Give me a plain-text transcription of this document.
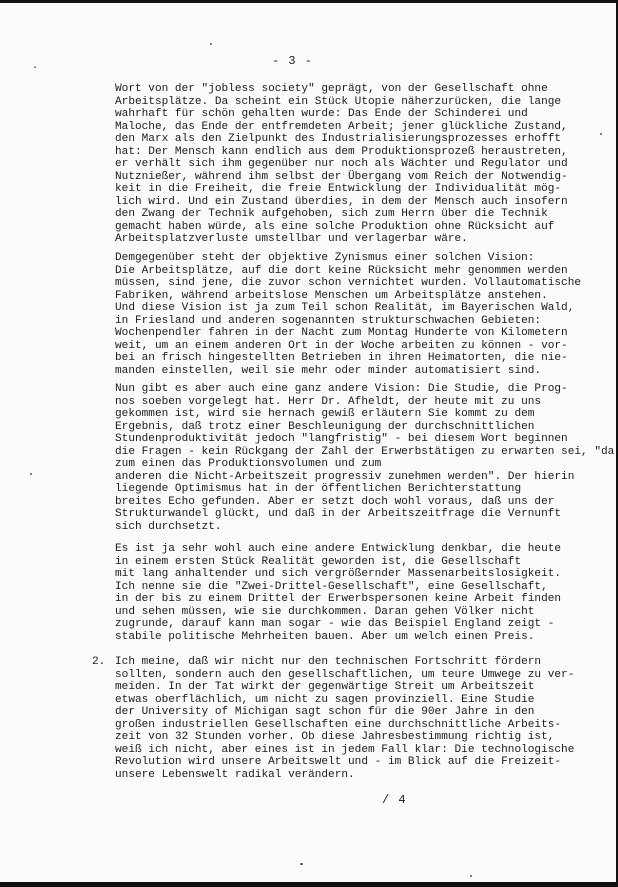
·
- 3 -

Wort von der "jobless society" geprägt, von der Gesellschaft ohne
Arbeitsplätze. Da scheint ein Stück Utopie näherzurücken, die lange
wahrhaft für schön gehalten wurde: Das Ende der Schinderei und
Maloche, das Ende der entfremdeten Arbeit; jener glückliche Zustand,
den Marx als den Zielpunkt des Industrialisierungsprozesses erhofft
hat: Der Mensch kann endlich aus dem Produktionsprozeß heraustreten,
er verhält sich ihm gegenüber nur noch als Wächter und Regulator und
Nutznießer, während ihm selbst der Übergang vom Reich der Notwendig-
keit in die Freiheit, die freie Entwicklung der Individualität mög-
lich wird. Und ein Zustand überdies, in dem der Mensch auch insofern
den Zwang der Technik aufgehoben, sich zum Herrn über die Technik
gemacht haben würde, als eine solche Produktion ohne Rücksicht auf
Arbeitsplatzverluste umstellbar und verlagerbar wäre.

Demgegenüber steht der objektive Zynismus einer solchen Vision:
Die Arbeitsplätze, auf die dort keine Rücksicht mehr genommen werden
müssen, sind jene, die zuvor schon vernichtet wurden. Vollautomatische
Fabriken, während arbeitslose Menschen um Arbeitsplätze anstehen.
Und diese Vision ist ja zum Teil schon Realität, im Bayerischen Wald,
in Friesland und anderen sogenannten strukturschwachen Gebieten:
Wochenpendler fahren in der Nacht zum Montag Hunderte von Kilometern
weit, um an einem anderen Ort in der Woche arbeiten zu können - vor-
bei an frisch hingestellten Betrieben in ihren Heimatorten, die nie-
manden einstellen, weil sie mehr oder minder automatisiert sind.

Nun gibt es aber auch eine ganz andere Vision: Die Studie, die Prog-
nos soeben vorgelegt hat. Herr Dr. Afheldt, der heute mit zu uns
gekommen ist, wird sie hernach gewiß erläutern Sie kommt zu dem
Ergebnis, daß trotz einer Beschleunigung der durchschnittlichen
Stundenproduktivität jedoch "langfristig" - bei diesem Wort beginnen
die Fragen - kein Rückgang der Zahl der Erwerbstätigen zu erwarten sei, "da
zum einen das Produktionsvolumen und zum
anderen die Nicht-Arbeitszeit progressiv zunehmen werden". Der hierin
liegende Optimismus hat in der öffentlichen Berichterstattung
breites Echo gefunden. Aber er setzt doch wohl voraus, daß uns der
Strukturwandel glückt, und daß in der Arbeitszeitfrage die Vernunft
sich durchsetzt.

Es ist ja sehr wohl auch eine andere Entwicklung denkbar, die heute
in einem ersten Stück Realität geworden ist, die Gesellschaft
mit lang anhaltender und sich vergrößernder Massenarbeitslosigkeit.
Ich nenne sie die "Zwei-Drittel-Gesellschaft", eine Gesellschaft,
in der bis zu einem Drittel der Erwerbspersonen keine Arbeit finden
und sehen müssen, wie sie durchkommen. Daran gehen Völker nicht
zugrunde, darauf kann man sogar - wie das Beispiel England zeigt -
stabile politische Mehrheiten bauen. Aber um welch einen Preis.

2. Ich meine, daß wir nicht nur den technischen Fortschritt fördern
sollten, sondern auch den gesellschaftlichen, um teure Umwege zu ver-
meiden. In der Tat wirkt der gegenwärtige Streit um Arbeitszeit
etwas oberflächlich, um nicht zu sagen provinziell. Eine Studie
der University of Michigan sagt schon für die 90er Jahre in den
großen industriellen Gesellschaften eine durchschnittliche Arbeits-
zeit von 32 Stunden vorher. Ob diese Jahresbestimmung richtig ist,
weiß ich nicht, aber eines ist in jedem Fall klar: Die technologische
Revolution wird unsere Arbeitswelt und - im Blick auf die Freizeit-
unsere Lebenswelt radikal verändern.

/ 4
